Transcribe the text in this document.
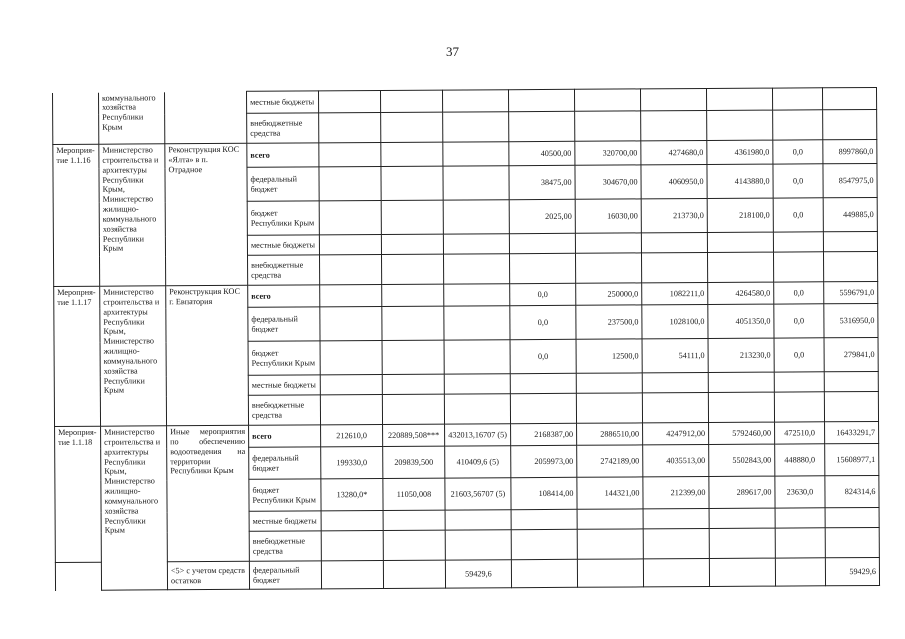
37
	коммунального хозяйства Республики Крым		местные бюджеты									
			внебюджетные средства									
Мероприя-тие 1.1.16	Министерство строительства и архитектуры Республики Крым, Министерство жилищно-коммунального хозяйства Республики Крым	Реконструкция КОС «Ялта» в п. Отрадное	всего				40500,00	320700,00	4274680,0	4361980,0	0,0	8997860,0
			федеральный бюджет				38475,00	304670,00	4060950,0	4143880,0	0,0	8547975,0
			бюджет Республики Крым				2025,00	16030,00	213730,0	218100,0	0,0	449885,0
			местные бюджеты									
			внебюджетные средства									
Меропрня-тие 1.1.17	Министерство строительства и архитектуры Республики Крым, Министерство жилищно-коммунального хозяйства Республики Крым	Реконструкция КОС г. Евпатория	всего				0,0	250000,0	1082211,0	4264580,0	0,0	5596791,0
			федеральный бюджет				0,0	237500,0	1028100,0	4051350,0	0,0	5316950,0
			бюджет Республики Крым				0,0	12500,0	54111,0	213230,0	0,0	279841,0
			местные бюджеты									
			внебюджетные средства									
Мероприя-тие 1.1.18	Министерство строительства и архитектуры Республики Крым, Министерство жилищно-коммунального хозяйства Республики Крым	Иные мероприятия по обеспечению водоотведения на территории Республики Крым	всего	212610,0	220889,508***	432013,16707 (5)	2168387,00	2886510,00	4247912,00	5792460,00	472510,0	16433291,7
			федеральный бюджет	199330,0	209839,500	410409,6 (5)	2059973,00	2742189,00	4035513,00	5502843,00	448880,0	15608977,1
			бюджет Республики Крым	13280,0*	11050,008	21603,56707 (5)	108414,00	144321,00	212399,00	289617,00	23630,0	824314,6
			местные бюджеты									
			внебюджетные средства									
		<5> с учетом средств остатков	федеральный бюджет			59429,6						59429,6
